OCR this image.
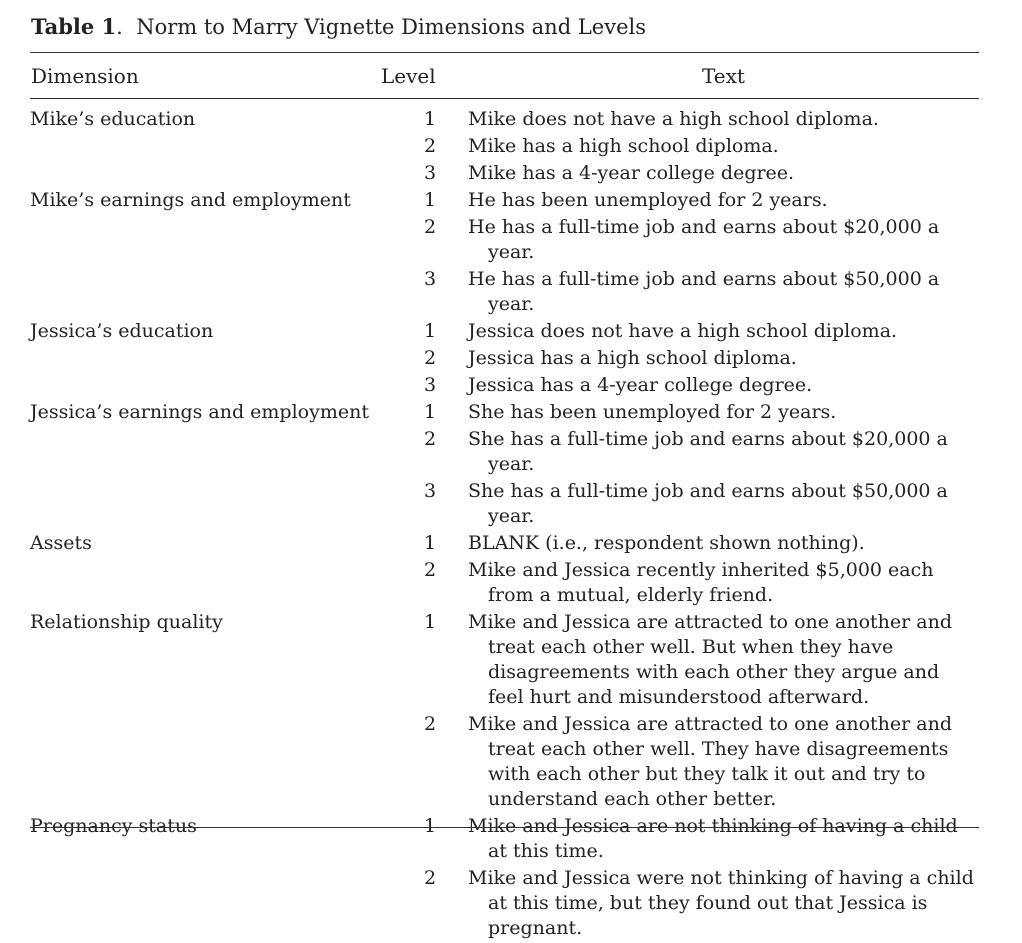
Table 1.  Norm to Marry Vignette Dimensions and Levels
Dimension	Level	Text
Mike’s education	1	Mike does not have a high school diploma.
2	Mike has a high school diploma.
3	Mike has a 4-year college degree.
Mike’s earnings and employment	1	He has been unemployed for 2 years.
2	He has a full-time job and earns about $20,000 a year.
3	He has a full-time job and earns about $50,000 a year.
Jessica’s education	1	Jessica does not have a high school diploma.
2	Jessica has a high school diploma.
3	Jessica has a 4-year college degree.
Jessica’s earnings and employment	1	She has been unemployed for 2 years.
2	She has a full-time job and earns about $20,000 a year.
3	She has a full-time job and earns about $50,000 a year.
Assets	1	BLANK (i.e., respondent shown nothing).
2	Mike and Jessica recently inherited $5,000 each from a mutual, elderly friend.
Relationship quality	1	Mike and Jessica are attracted to one another and treat each other well. But when they have disagreements with each other they argue and feel hurt and misunderstood afterward.
2	Mike and Jessica are attracted to one another and treat each other well. They have disagreements with each other but they talk it out and try to understand each other better.
Pregnancy status	1	Mike and Jessica are not thinking of having a child at this time.
2	Mike and Jessica were not thinking of having a child at this time, but they found out that Jessica is pregnant.
